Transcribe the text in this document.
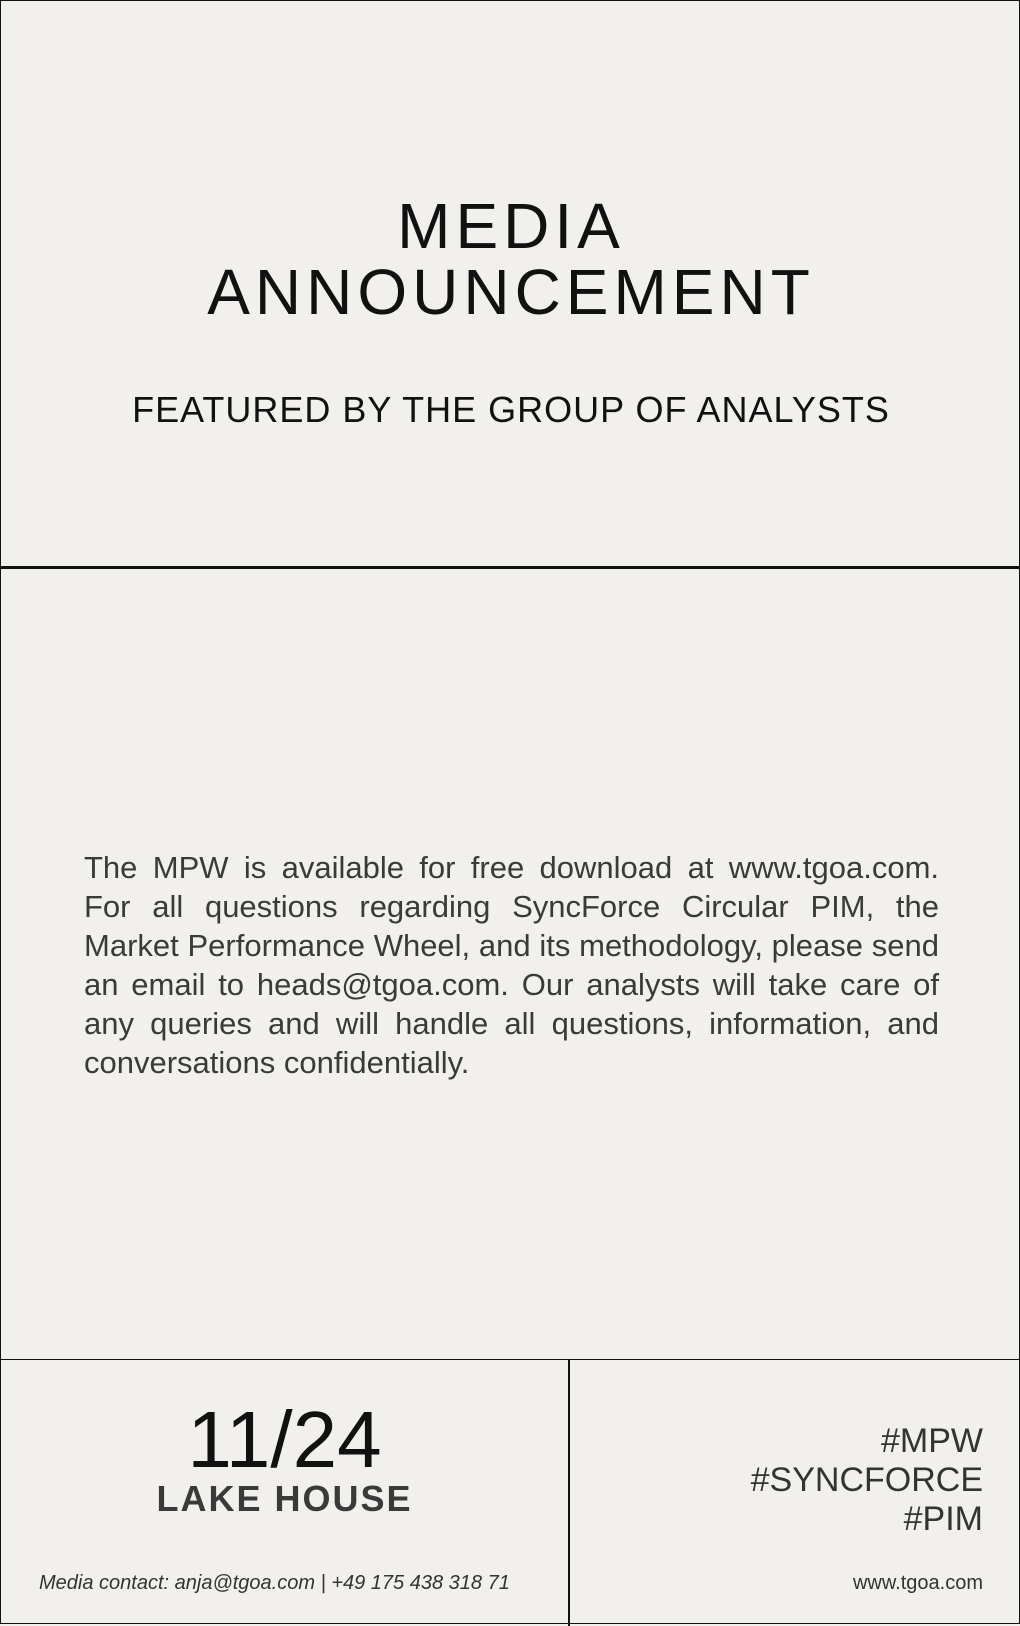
MEDIA
ANNOUNCEMENT

FEATURED BY THE GROUP OF ANALYSTS

The MPW is available for free download at www.tgoa.com. For all questions regarding SyncForce Circular PIM, the Market Performance Wheel, and its methodology, please send an email to heads@tgoa.com. Our analysts will take care of any queries and will handle all questions, information, and conversations confidentially.

11/24
LAKE HOUSE
Media contact: anja@tgoa.com | +49 175 438 318 71
#MPW
#SYNCFORCE
#PIM
www.tgoa.com
